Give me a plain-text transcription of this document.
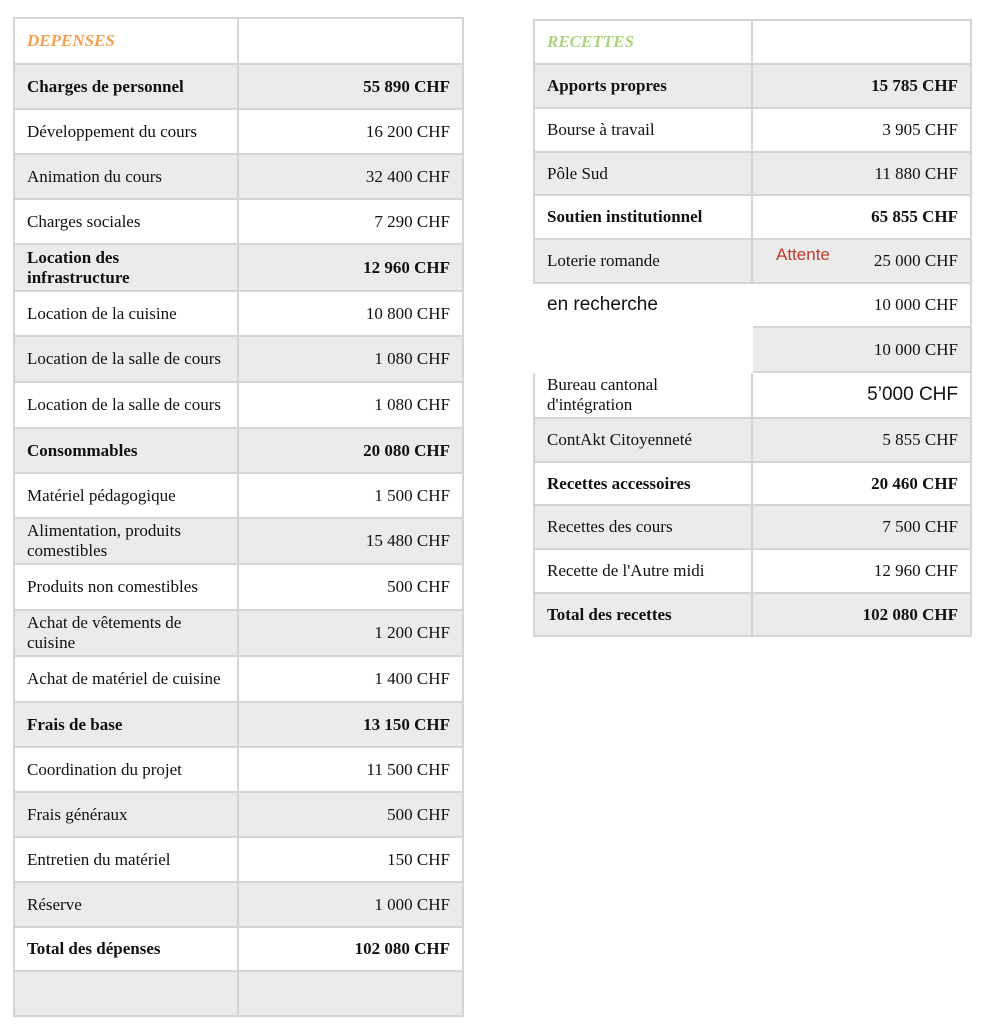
DEPENSES	
Charges de personnel	55 890 CHF
Développement du cours	16 200 CHF
Animation du cours	32 400 CHF
Charges sociales	7 290 CHF
Location des infrastructure	12 960 CHF
Location de la cuisine	10 800 CHF
Location de la salle de cours	1 080 CHF
Location de la salle de cours	1 080 CHF
Consommables	20 080 CHF
Matériel pédagogique	1 500 CHF
Alimentation, produits comestibles	15 480 CHF
Produits non comestibles	500 CHF
Achat de vêtements de cuisine	1 200 CHF
Achat de matériel de cuisine	1 400 CHF
Frais de base	13 150 CHF
Coordination du projet	11 500 CHF
Frais généraux	500 CHF
Entretien du matériel	150 CHF
Réserve	1 000 CHF
Total des dépenses	102 080 CHF

RECETTES	
Apports propres	15 785 CHF
Bourse à travail	3 905 CHF
Pôle Sud	11 880 CHF
Soutien institutionnel	65 855 CHF
Loterie romande	25 000 CHF
en recherche	10 000 CHF
	10 000 CHF
Bureau cantonal d'intégration	5’000 CHF
ContAkt Citoyenneté	5 855 CHF
Recettes accessoires	20 460 CHF
Recettes des cours	7 500 CHF
Recette de l'Autre midi	12 960 CHF
Total des recettes	102 080 CHF
Attente
